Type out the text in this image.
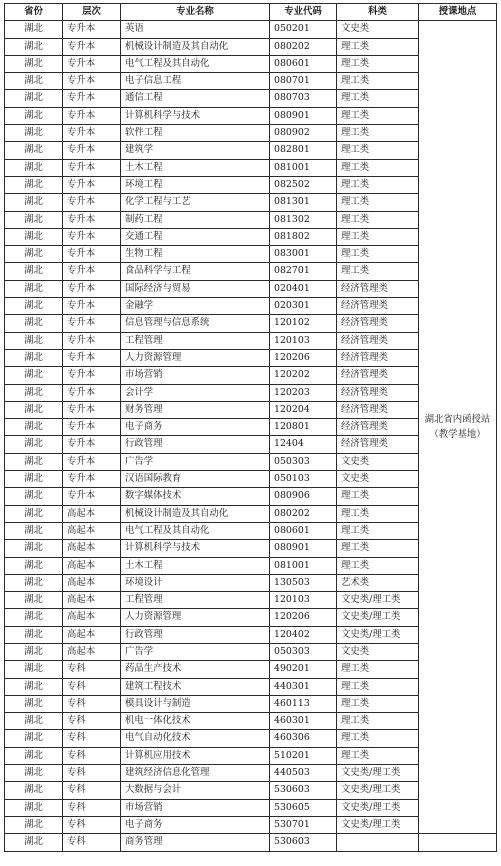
省份	层次	专业名称	专业代码	科类	授课地点
湖北	专升本	英语	050201	文史类	湖北省内函授站（教学基地）
湖北	专升本	机械设计制造及其自动化	080202	理工类	
湖北	专升本	电气工程及其自动化	080601	理工类	
湖北	专升本	电子信息工程	080701	理工类	
湖北	专升本	通信工程	080703	理工类	
湖北	专升本	计算机科学与技术	080901	理工类	
湖北	专升本	软件工程	080902	理工类	
湖北	专升本	建筑学	082801	理工类	
湖北	专升本	土木工程	081001	理工类	
湖北	专升本	环境工程	082502	理工类	
湖北	专升本	化学工程与工艺	081301	理工类	
湖北	专升本	制药工程	081302	理工类	
湖北	专升本	交通工程	081802	理工类	
湖北	专升本	生物工程	083001	理工类	
湖北	专升本	食品科学与工程	082701	理工类	
湖北	专升本	国际经济与贸易	020401	经济管理类	
湖北	专升本	金融学	020301	经济管理类	
湖北	专升本	信息管理与信息系统	120102	经济管理类	
湖北	专升本	工程管理	120103	经济管理类	
湖北	专升本	人力资源管理	120206	经济管理类	
湖北	专升本	市场营销	120202	经济管理类	
湖北	专升本	会计学	120203	经济管理类	
湖北	专升本	财务管理	120204	经济管理类	
湖北	专升本	电子商务	120801	经济管理类	
湖北	专升本	行政管理	12404	经济管理类	
湖北	专升本	广告学	050303	文史类	
湖北	专升本	汉语国际教育	050103	文史类	
湖北	专升本	数字媒体技术	080906	理工类	
湖北	高起本	机械设计制造及其自动化	080202	理工类	
湖北	高起本	电气工程及其自动化	080601	理工类	
湖北	高起本	计算机科学与技术	080901	理工类	
湖北	高起本	土木工程	081001	理工类	
湖北	高起本	环境设计	130503	艺术类	
湖北	高起本	工程管理	120103	文史类/理工类	
湖北	高起本	人力资源管理	120206	文史类/理工类	
湖北	高起本	行政管理	120402	文史类/理工类	
湖北	高起本	广告学	050303	文史类	
湖北	专科	药品生产技术	490201	理工类	
湖北	专科	建筑工程技术	440301	理工类	
湖北	专科	模具设计与制造	460113	理工类	
湖北	专科	机电一体化技术	460301	理工类	
湖北	专科	电气自动化技术	460306	理工类	
湖北	专科	计算机应用技术	510201	理工类	
湖北	专科	建筑经济信息化管理	440503	文史类/理工类	
湖北	专科	大数据与会计	530603	文史类/理工类	
湖北	专科	市场营销	530605	文史类/理工类	
湖北	专科	电子商务	530701	文史类/理工类	
湖北	专科	商务管理	530603		
